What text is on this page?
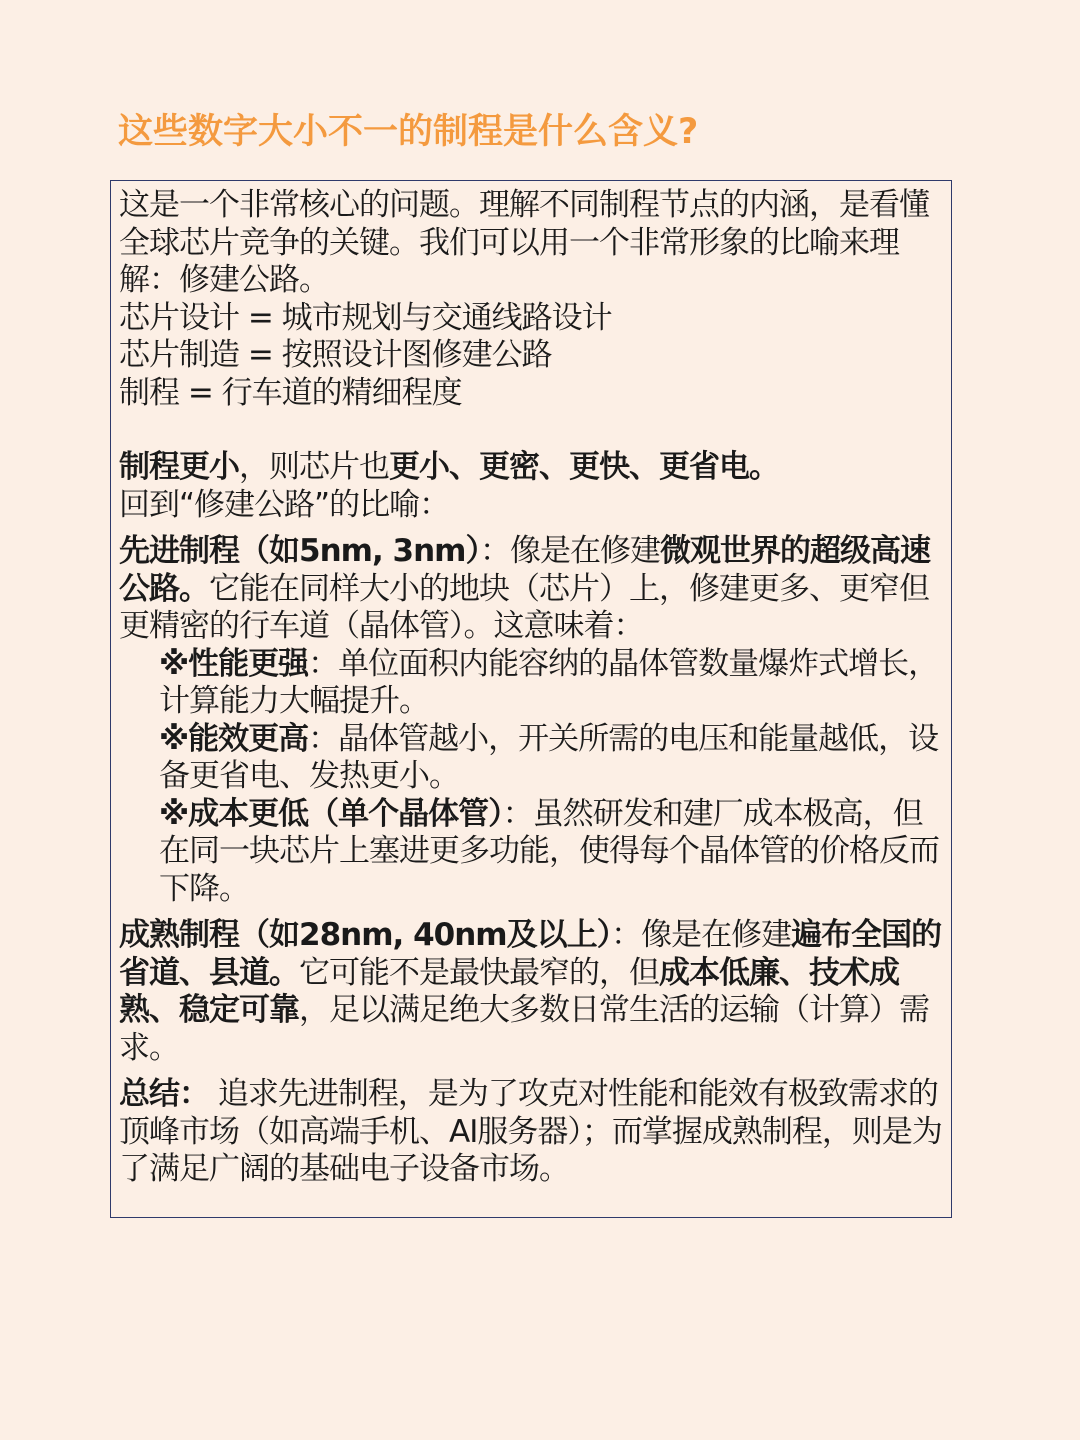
这些数字大小不一的制程是什么含义?

这是一个非常核心的问题。理解不同制程节点的内涵，是看懂全球芯片竞争的关键。我们可以用一个非常形象的比喻来理解：修建公路。

芯片设计 = 城市规划与交通线路设计

芯片制造 = 按照设计图修建公路

制程 = 行车道的精细程度

制程更小，则芯片也更小、更密、更快、更省电。

回到“修建公路”的比喻：

先进制程（如5nm, 3nm）：像是在修建微观世界的超级高速公路。它能在同样大小的地块（芯片）上，修建更多、更窄但更精密的行车道（晶体管）。这意味着：

※性能更强：单位面积内能容纳的晶体管数量爆炸式增长，计算能力大幅提升。

※能效更高：晶体管越小，开关所需的电压和能量越低，设备更省电、发热更小。

※成本更低（单个晶体管）：虽然研发和建厂成本极高，但在同一块芯片上塞进更多功能，使得每个晶体管的价格反而下降。

成熟制程（如28nm, 40nm及以上）：像是在修建遍布全国的省道、县道。它可能不是最快最窄的，但成本低廉、技术成熟、稳定可靠，足以满足绝大多数日常生活的运输（计算）需求。

总结： 追求先进制程，是为了攻克对性能和能效有极致需求的顶峰市场（如高端手机、AI服务器）；而掌握成熟制程，则是为了满足广阔的基础电子设备市场。
